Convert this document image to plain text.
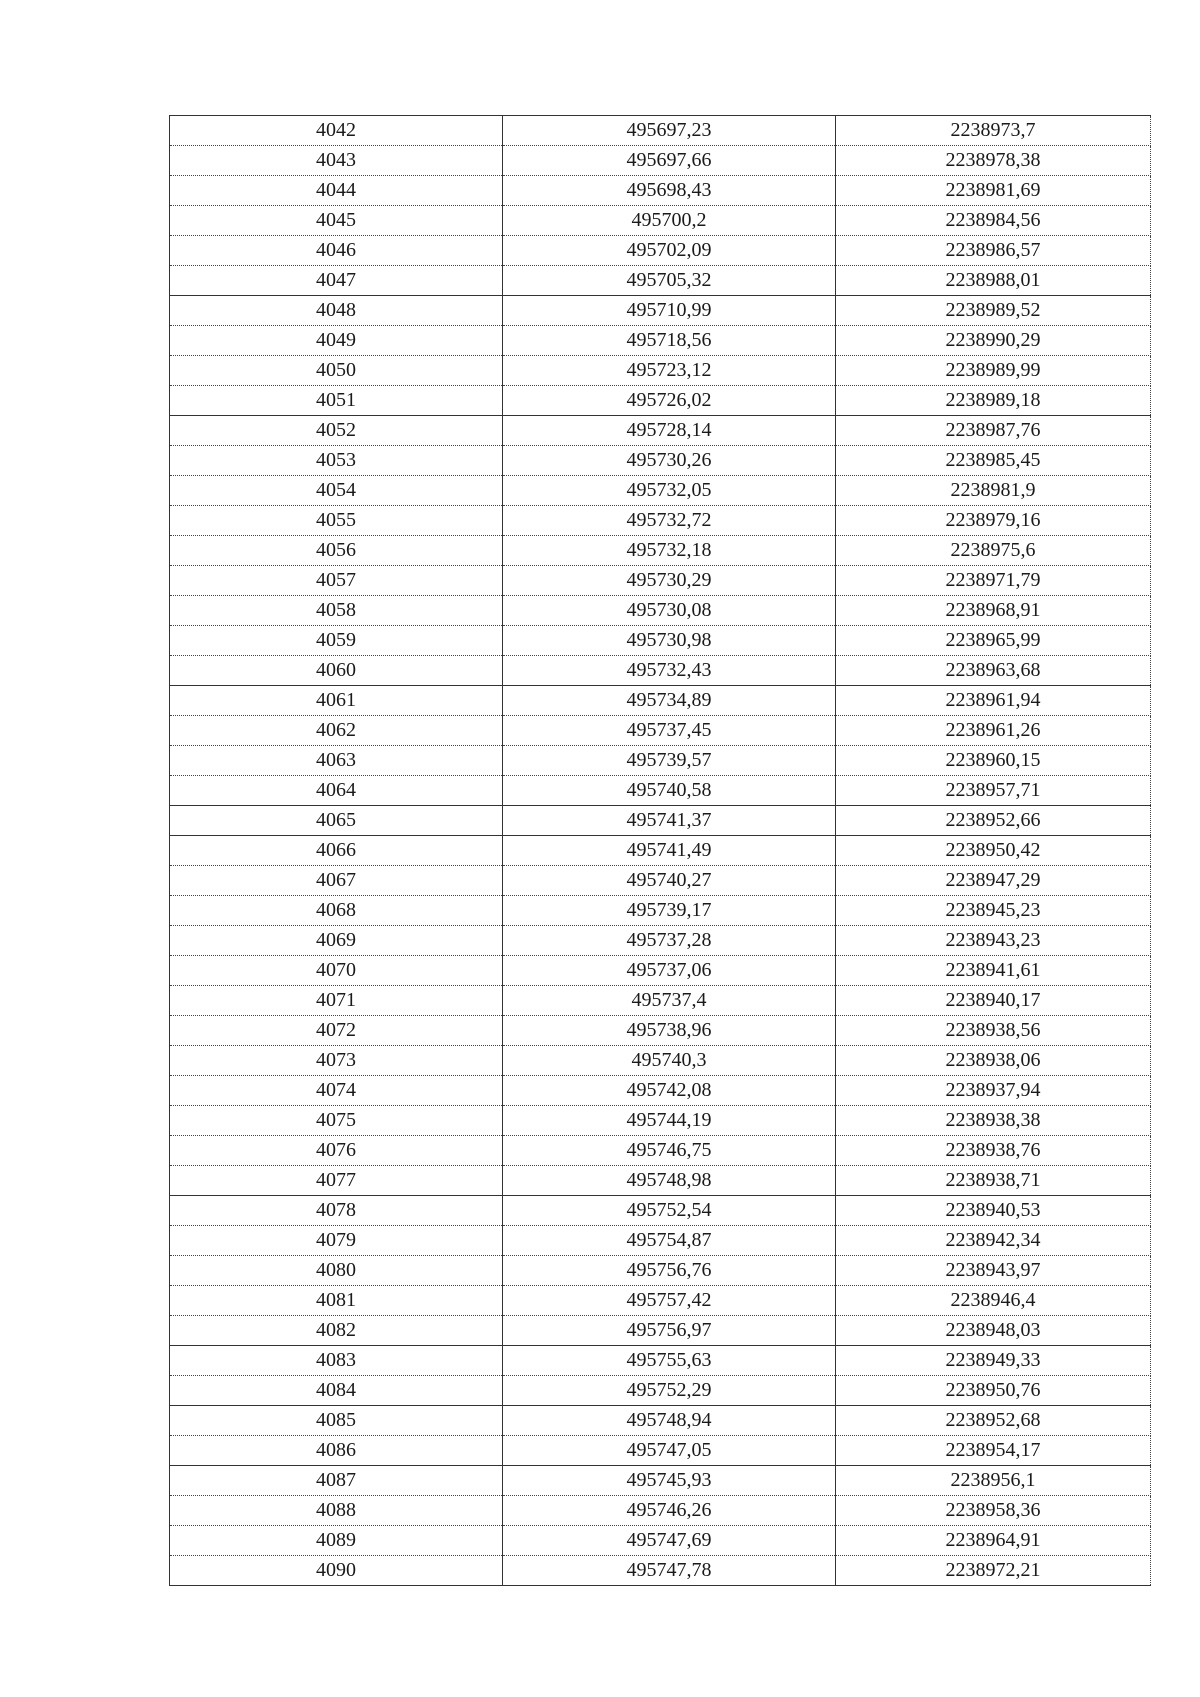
4042	495697,23	2238973,7
4043	495697,66	2238978,38
4044	495698,43	2238981,69
4045	495700,2	2238984,56
4046	495702,09	2238986,57
4047	495705,32	2238988,01
4048	495710,99	2238989,52
4049	495718,56	2238990,29
4050	495723,12	2238989,99
4051	495726,02	2238989,18
4052	495728,14	2238987,76
4053	495730,26	2238985,45
4054	495732,05	2238981,9
4055	495732,72	2238979,16
4056	495732,18	2238975,6
4057	495730,29	2238971,79
4058	495730,08	2238968,91
4059	495730,98	2238965,99
4060	495732,43	2238963,68
4061	495734,89	2238961,94
4062	495737,45	2238961,26
4063	495739,57	2238960,15
4064	495740,58	2238957,71
4065	495741,37	2238952,66
4066	495741,49	2238950,42
4067	495740,27	2238947,29
4068	495739,17	2238945,23
4069	495737,28	2238943,23
4070	495737,06	2238941,61
4071	495737,4	2238940,17
4072	495738,96	2238938,56
4073	495740,3	2238938,06
4074	495742,08	2238937,94
4075	495744,19	2238938,38
4076	495746,75	2238938,76
4077	495748,98	2238938,71
4078	495752,54	2238940,53
4079	495754,87	2238942,34
4080	495756,76	2238943,97
4081	495757,42	2238946,4
4082	495756,97	2238948,03
4083	495755,63	2238949,33
4084	495752,29	2238950,76
4085	495748,94	2238952,68
4086	495747,05	2238954,17
4087	495745,93	2238956,1
4088	495746,26	2238958,36
4089	495747,69	2238964,91
4090	495747,78	2238972,21
